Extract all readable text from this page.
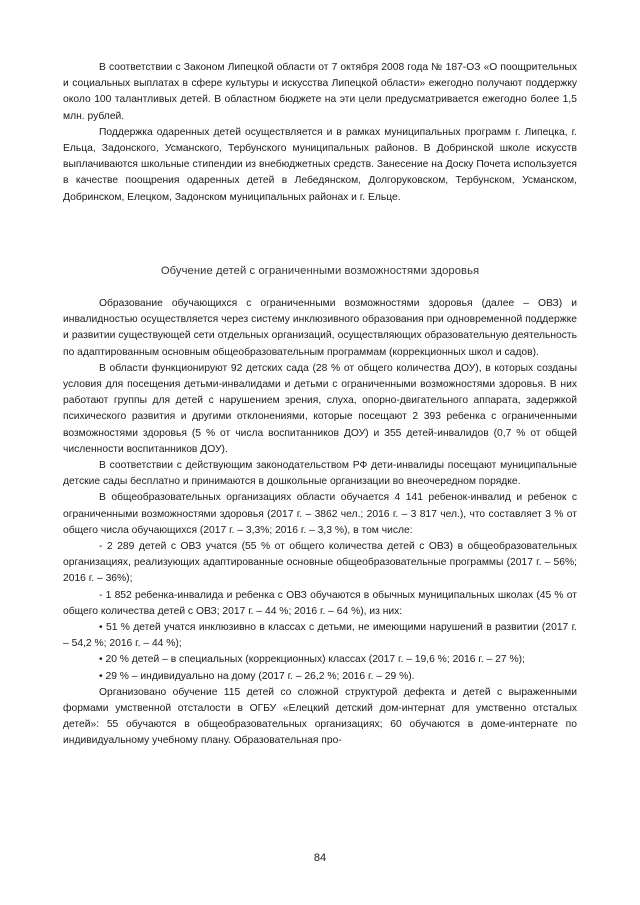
В соответствии с Законом Липецкой области от 7 октября 2008 года № 187-ОЗ «О поощрительных и социальных выплатах в сфере культуры и искусства Липецкой области» ежегодно получают поддержку около 100 талантливых детей. В областном бюджете на эти цели предусматривается ежегодно более 1,5 млн. рублей.

Поддержка одаренных детей осуществляется и в рамках муниципальных программ г. Липецка, г. Ельца, Задонского, Усманского, Тербунского муниципальных районов. В Добринской школе искусств выплачиваются школьные стипендии из внебюджетных средств. Занесение на Доску Почета используется в качестве поощрения одаренных детей в Лебедянском, Долгоруковском, Тербунском, Усманском, Добринском, Елецком, Задонском муниципальных районах и г. Ельце.

Обучение детей с ограниченными возможностями здоровья

Образование обучающихся с ограниченными возможностями здоровья (далее – ОВЗ) и инвалидностью осуществляется через систему инклюзивного образования при одновременной поддержке и развитии существующей сети отдельных организаций, осуществляющих образовательную деятельность по адаптированным основным общеобразовательным программам (коррекционных школ и садов).

В области функционируют 92 детских сада (28 % от общего количества ДОУ), в которых созданы условия для посещения детьми-инвалидами и детьми с ограниченными возможностями здоровья. В них работают группы для детей с нарушением зрения, слуха, опорно-двигательного аппарата, задержкой психического развития и другими отклонениями, которые посещают 2 393 ребенка с ограниченными возможностями здоровья (5 % от числа воспитанников ДОУ) и 355 детей-инвалидов (0,7 % от общей численности воспитанников ДОУ).

В соответствии с действующим законодательством РФ дети-инвалиды посещают муниципальные детские сады бесплатно и принимаются в дошкольные организации во внеочередном порядке.

В общеобразовательных организациях области обучается 4 141 ребенок-инвалид и ребенок с ограниченными возможностями здоровья (2017 г. – 3862 чел.; 2016 г. – 3 817 чел.), что составляет 3 % от общего числа обучающихся (2017 г. – 3,3%; 2016 г. – 3,3 %), в том числе:

- 2 289 детей с ОВЗ учатся (55 % от общего количества детей с ОВЗ) в общеобразовательных организациях, реализующих адаптированные основные общеобразовательные программы (2017 г. – 56%; 2016 г. – 36%);

- 1 852 ребенка-инвалида и ребенка с ОВЗ обучаются в обычных муниципальных школах (45 % от общего количества детей с ОВЗ; 2017 г. – 44 %; 2016 г. – 64 %), из них:

• 51 % детей учатся инклюзивно в классах с детьми, не имеющими нарушений в развитии (2017 г. – 54,2 %; 2016 г. – 44 %);

• 20 % детей – в специальных (коррекционных) классах (2017 г. – 19,6 %; 2016 г. – 27 %);

• 29 % – индивидуально на дому (2017 г. – 26,2 %; 2016 г. – 29 %).

Организовано обучение 115 детей со сложной структурой дефекта и детей с выраженными формами умственной отсталости в ОГБУ «Елецкий детский дом-интернат для умственно отсталых детей»: 55 обучаются в общеобразовательных организациях; 60 обучаются в доме-интернате по индивидуальному учебному плану. Образовательная про-

84
